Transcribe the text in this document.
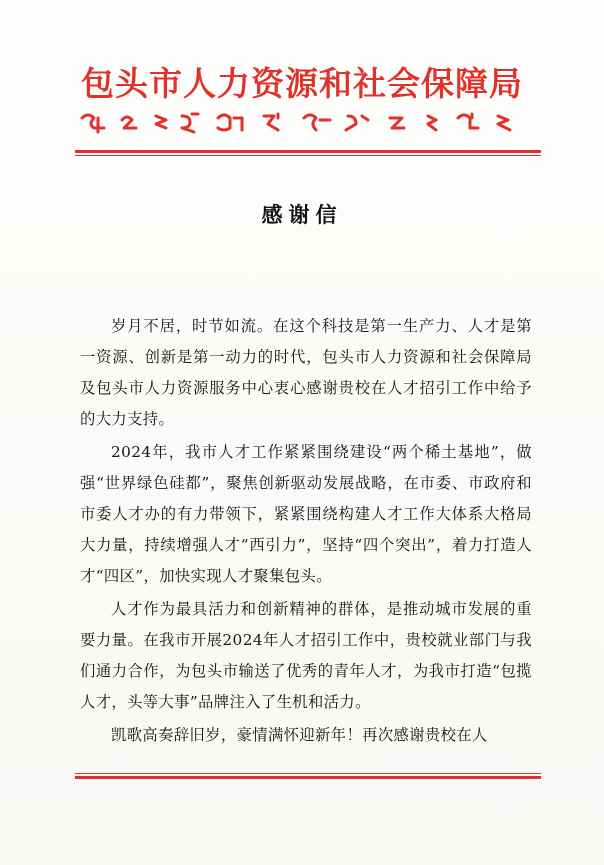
包头市人力资源和社会保障局
感谢信

岁月不居，时节如流。在这个科技是第一生产力、人才是第一资源、创新是第一动力的时代，包头市人力资源和社会保障局及包头市人力资源服务中心衷心感谢贵校在人才招引工作中给予的大力支持。

2024年，我市人才工作紧紧围绕建设“两个稀土基地”，做强“世界绿色硅都”，聚焦创新驱动发展战略，在市委、市政府和市委人才办的有力带领下，紧紧围绕构建人才工作大体系大格局大力量，持续增强人才“西引力”，坚持“四个突出”，着力打造人才“四区”，加快实现人才聚集包头。

人才作为最具活力和创新精神的群体，是推动城市发展的重要力量。在我市开展2024年人才招引工作中，贵校就业部门与我们通力合作，为包头市输送了优秀的青年人才，为我市打造“包揽人才，头等大事”品牌注入了生机和活力。

凯歌高奏辞旧岁，豪情满怀迎新年！再次感谢贵校在人
